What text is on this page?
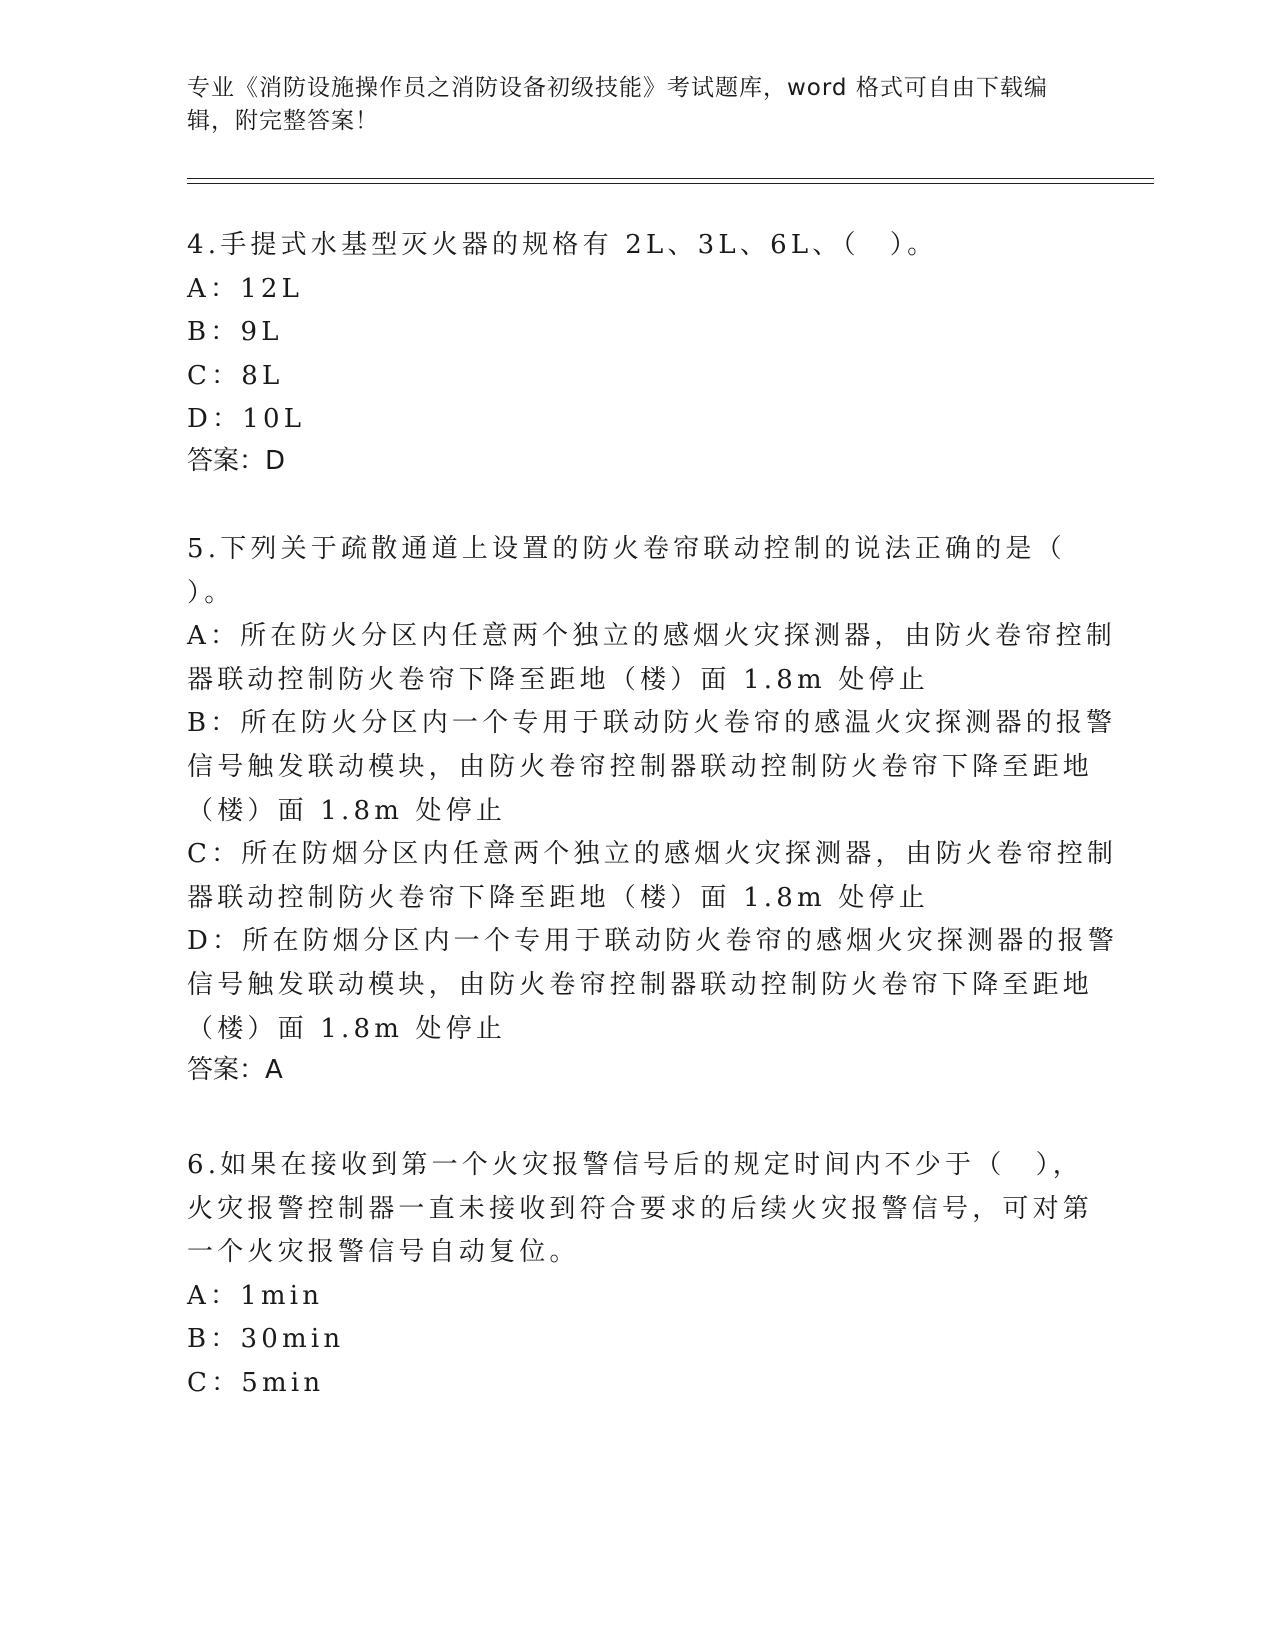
专业《消防设施操作员之消防设备初级技能》考试题库，word 格式可自由下载编
辑，附完整答案！
4.手提式水基型灭火器的规格有 2L、3L、6L、（　）。
A：12L
B：9L
C：8L
D：10L
答案：D
5.下列关于疏散通道上设置的防火卷帘联动控制的说法正确的是（
）。
A：所在防火分区内任意两个独立的感烟火灾探测器，由防火卷帘控制
器联动控制防火卷帘下降至距地（楼）面 1.8m 处停止
B：所在防火分区内一个专用于联动防火卷帘的感温火灾探测器的报警
信号触发联动模块，由防火卷帘控制器联动控制防火卷帘下降至距地
（楼）面 1.8m 处停止
C：所在防烟分区内任意两个独立的感烟火灾探测器，由防火卷帘控制
器联动控制防火卷帘下降至距地（楼）面 1.8m 处停止
D：所在防烟分区内一个专用于联动防火卷帘的感烟火灾探测器的报警
信号触发联动模块，由防火卷帘控制器联动控制防火卷帘下降至距地
（楼）面 1.8m 处停止
答案：A
6.如果在接收到第一个火灾报警信号后的规定时间内不少于（　），
火灾报警控制器一直未接收到符合要求的后续火灾报警信号，可对第
一个火灾报警信号自动复位。
A：1min
B：30min
C：5min
